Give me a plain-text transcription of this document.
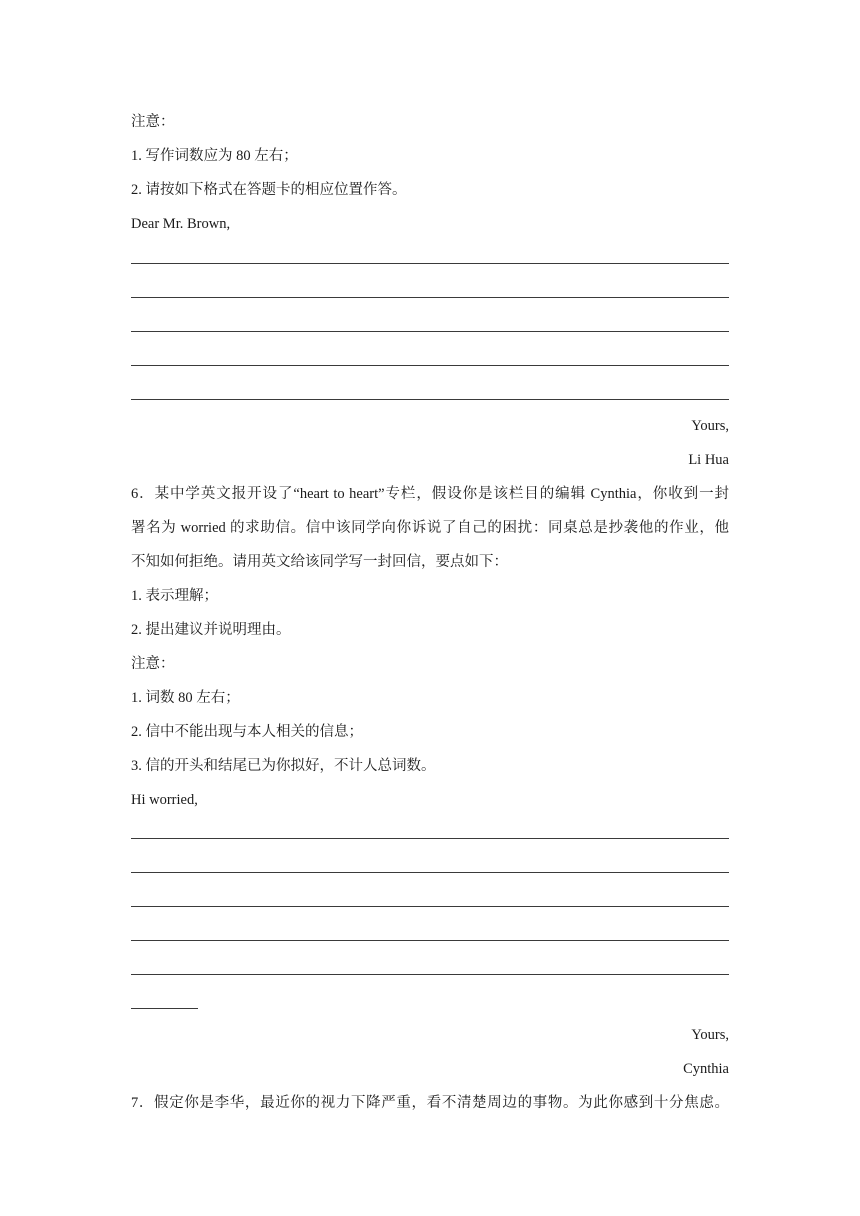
注意：
1. 写作词数应为 80 左右；
2. 请按如下格式在答题卡的相应位置作答。
Dear Mr. Brown,
Yours,
Li Hua
6．某中学英文报开设了“heart to heart”专栏，假设你是该栏目的编辑 Cynthia，你收到一封
署名为 worried 的求助信。信中该同学向你诉说了自己的困扰：同桌总是抄袭他的作业，他
不知如何拒绝。请用英文给该同学写一封回信，要点如下：
1. 表示理解；
2. 提出建议并说明理由。
注意：
1. 词数 80 左右；
2. 信中不能出现与本人相关的信息；
3. 信的开头和结尾已为你拟好，不计人总词数。
Hi worried,
Yours,
Cynthia
7．假定你是李华，最近你的视力下降严重，看不清楚周边的事物。为此你感到十分焦虑。
